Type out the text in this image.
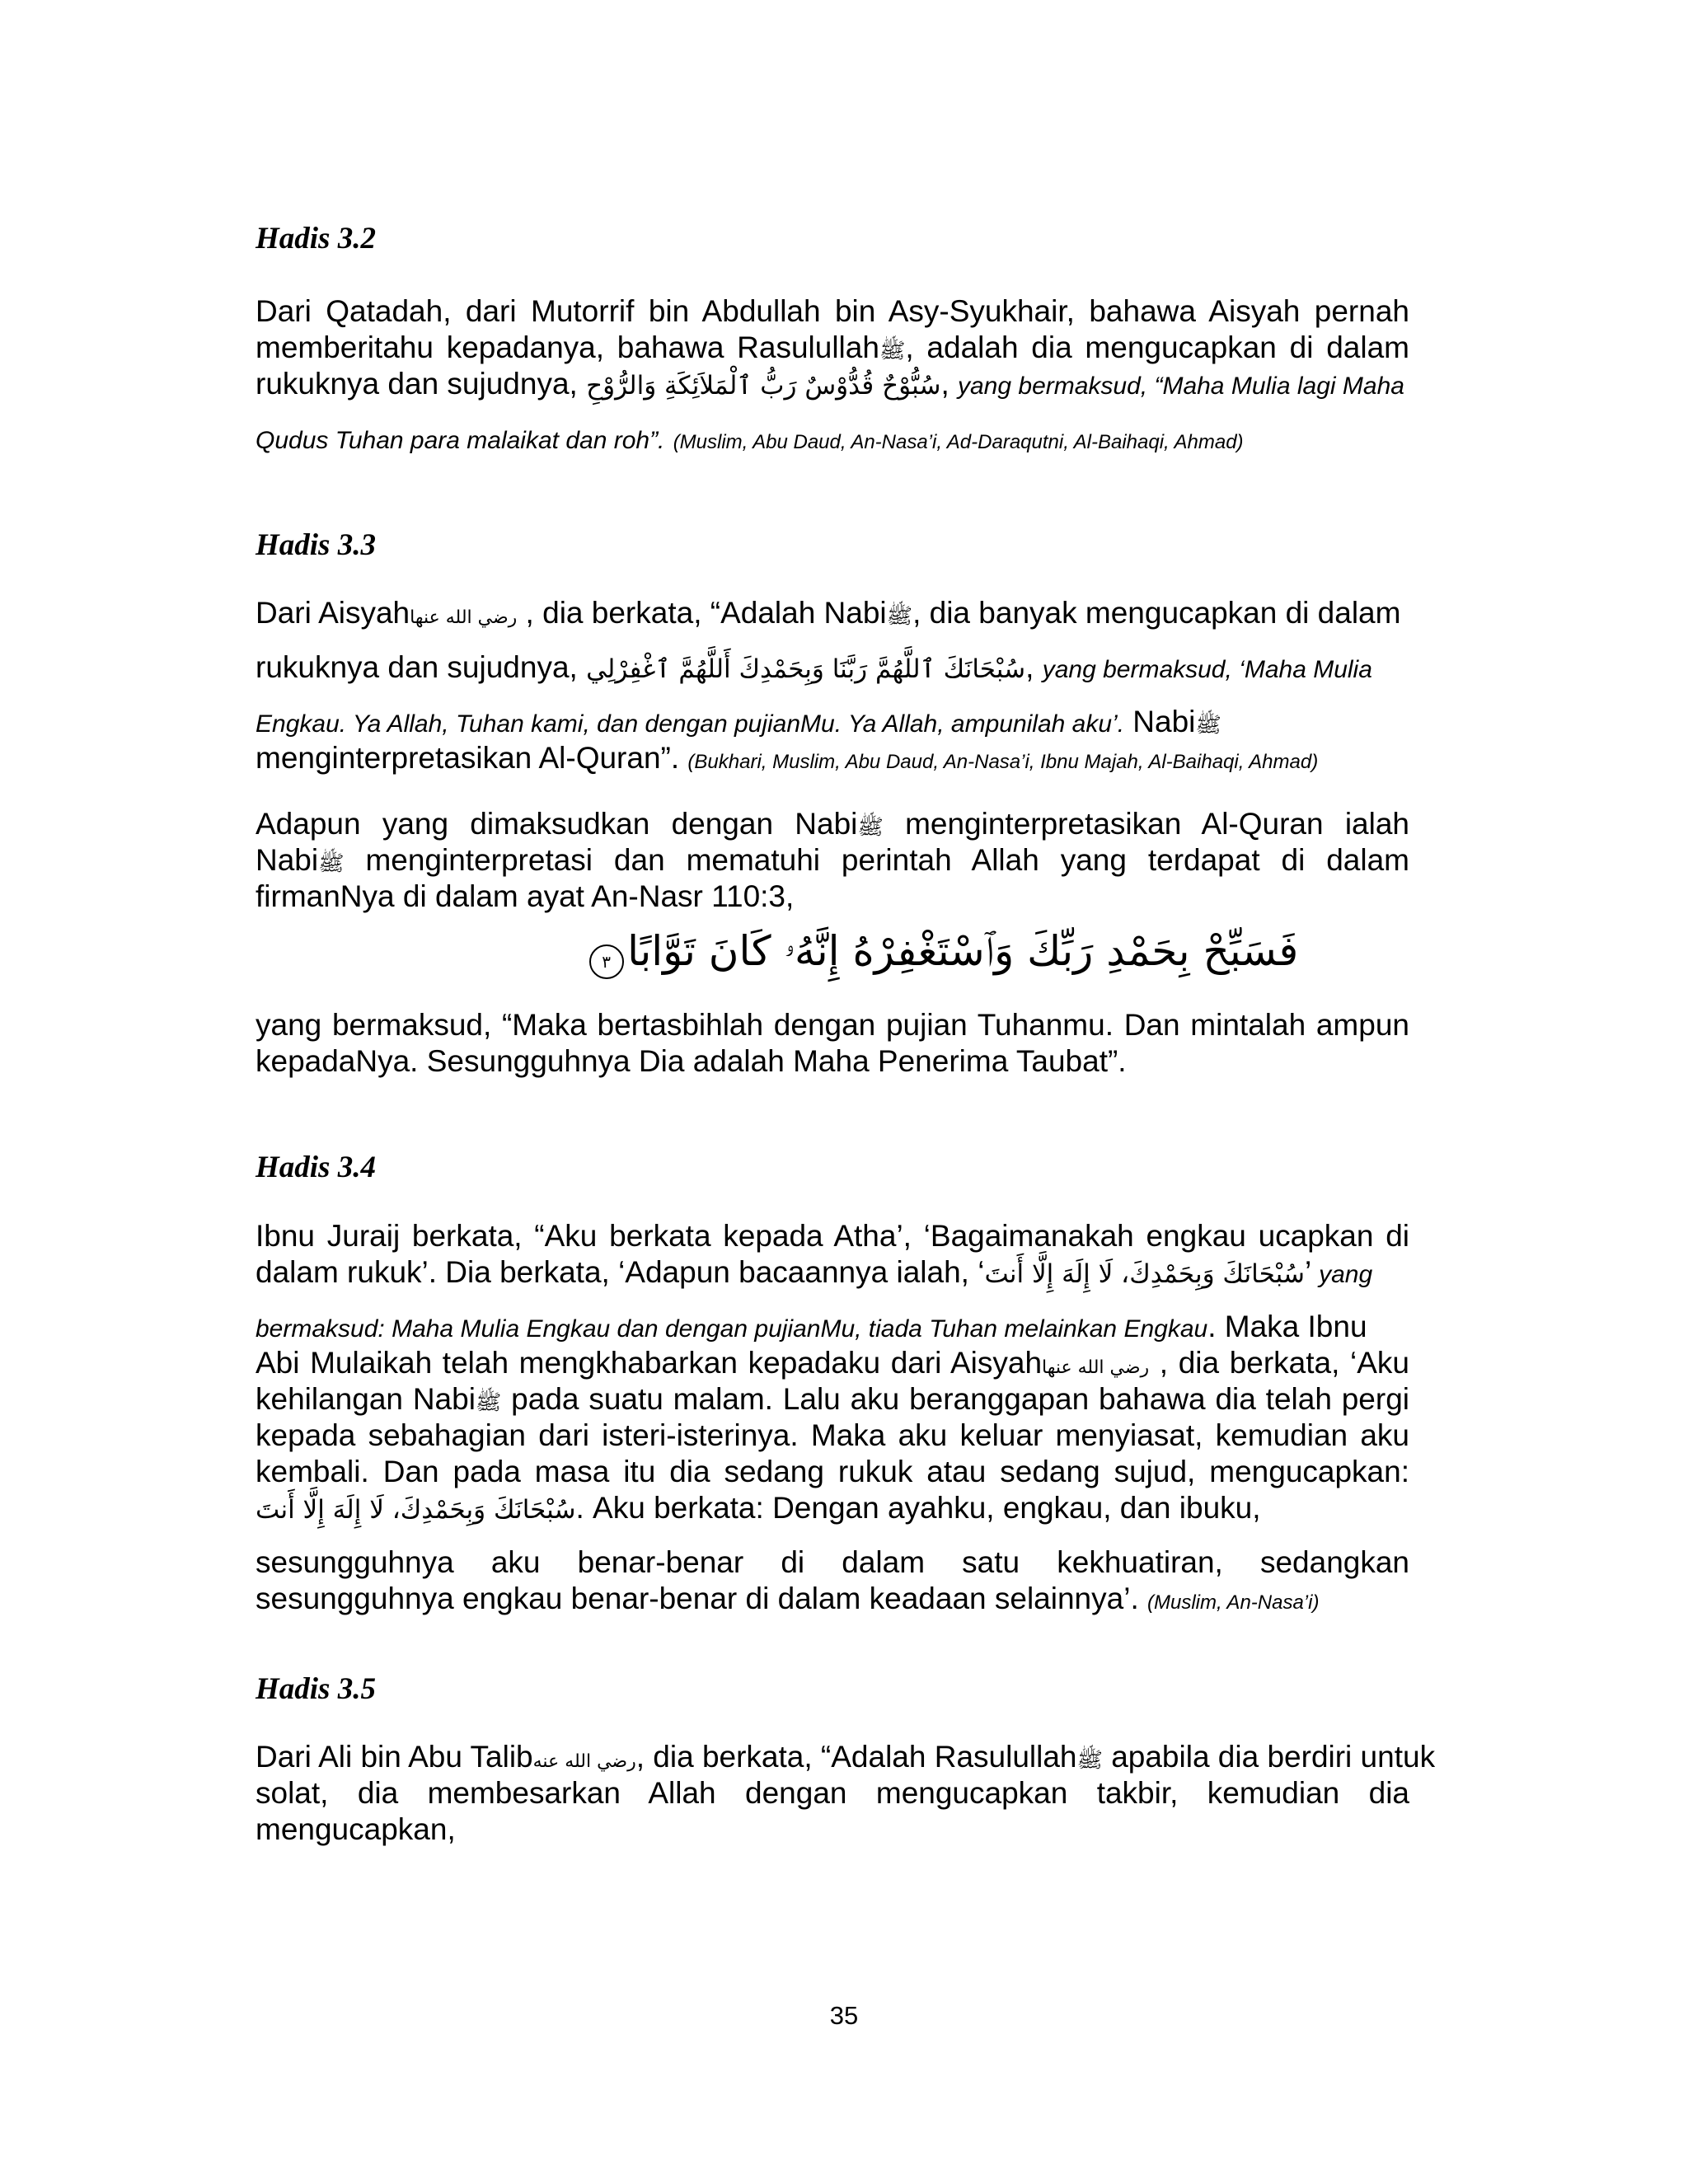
Hadis 3.2
Dari Qatadah, dari Mutorrif bin Abdullah bin Asy-Syukhair, bahawa Aisyah pernah
memberitahu kepadanya, bahawa Rasulullahﷺ, adalah dia mengucapkan di dalam
rukuknya dan sujudnya, سُبُّوْحٌ قُدُّوْسٌ رَبُّ ٱلْمَلاَئِكَةِ وَالرُّوْحِ, yang bermaksud, “Maha Mulia lagi Maha
Qudus Tuhan para malaikat dan roh”. (Muslim, Abu Daud, An-Nasa’i, Ad-Daraqutni, Al-Baihaqi, Ahmad)
Hadis 3.3
Dari Aisyahرضي الله عنها , dia berkata, “Adalah Nabiﷺ, dia banyak mengucapkan di dalam
rukuknya dan sujudnya, سُبْحَانَكَ ٱللَّهُمَّ رَبَّنَا وَبِحَمْدِكَ أَللَّهُمَّ ٱغْفِرْلِي, yang bermaksud, ‘Maha Mulia
Engkau. Ya Allah, Tuhan kami, dan dengan pujianMu. Ya Allah, ampunilah aku’. Nabiﷺ
menginterpretasikan Al-Quran”. (Bukhari, Muslim, Abu Daud, An-Nasa’i, Ibnu Majah, Al-Baihaqi, Ahmad)
Adapun yang dimaksudkan dengan Nabiﷺ menginterpretasikan Al-Quran ialah
Nabiﷺ menginterpretasi dan mematuhi perintah Allah yang terdapat di dalam
firmanNya di dalam ayat An-Nasr 110:3,
٣ فَسَبِّحْ بِحَمْدِ رَبِّكَ وَٱسْتَغْفِرْهُ إِنَّهُۥ كَانَ تَوَّابًا
yang bermaksud, “Maka bertasbihlah dengan pujian Tuhanmu. Dan mintalah ampun
kepadaNya. Sesungguhnya Dia adalah Maha Penerima Taubat”.
Hadis 3.4
Ibnu Juraij berkata, “Aku berkata kepada Atha’, ‘Bagaimanakah engkau ucapkan di
dalam rukuk’. Dia berkata, ‘Adapun bacaannya ialah, ‘سُبْحَانَكَ وَبِحَمْدِكَ، لَا إِلَهَ إِلَّا أَنتَ’ yang
bermaksud: Maha Mulia Engkau dan dengan pujianMu, tiada Tuhan melainkan Engkau. Maka Ibnu
Abi Mulaikah telah mengkhabarkan kepadaku dari Aisyahرضي الله عنها , dia berkata, ‘Aku
kehilangan Nabiﷺ pada suatu malam. Lalu aku beranggapan bahawa dia telah pergi
kepada sebahagian dari isteri-isterinya. Maka aku keluar menyiasat, kemudian aku
kembali. Dan pada masa itu dia sedang rukuk atau sedang sujud, mengucapkan:
سُبْحَانَكَ وَبِحَمْدِكَ، لَا إِلَهَ إِلَّا أَنتَ. Aku berkata: Dengan ayahku, engkau, dan ibuku,
sesungguhnya aku benar-benar di dalam satu kekhuatiran, sedangkan
sesungguhnya engkau benar-benar di dalam keadaan selainnya’. (Muslim, An-Nasa’i)
Hadis 3.5
Dari Ali bin Abu Talibرضي الله عنه, dia berkata, “Adalah Rasulullahﷺ apabila dia berdiri untuk
solat, dia membesarkan Allah dengan mengucapkan takbir, kemudian dia
mengucapkan,
35
